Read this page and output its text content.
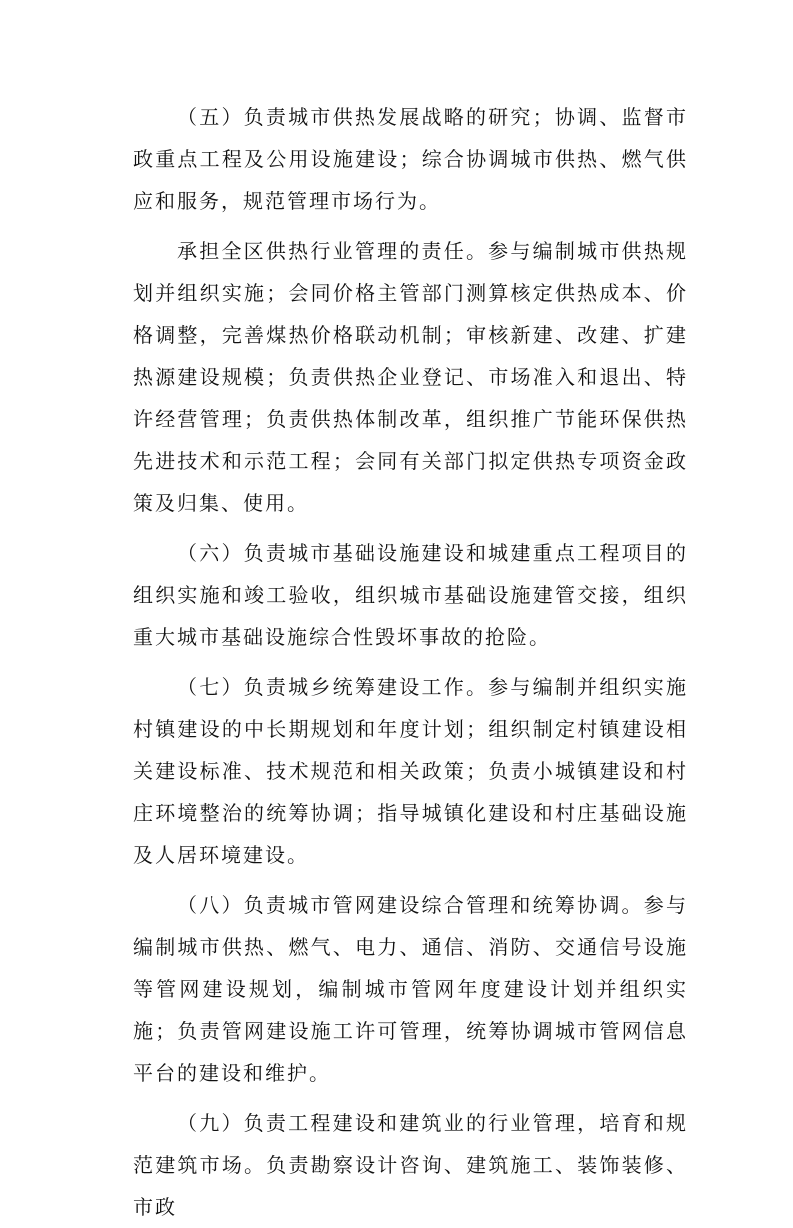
（五）负责城市供热发展战略的研究；协调、监督市政重点工程及公用设施建设；综合协调城市供热、燃气供应和服务，规范管理市场行为。

承担全区供热行业管理的责任。参与编制城市供热规划并组织实施；会同价格主管部门测算核定供热成本、价格调整，完善煤热价格联动机制；审核新建、改建、扩建热源建设规模；负责供热企业登记、市场准入和退出、特许经营管理；负责供热体制改革，组织推广节能环保供热先进技术和示范工程；会同有关部门拟定供热专项资金政策及归集、使用。

（六）负责城市基础设施建设和城建重点工程项目的组织实施和竣工验收，组织城市基础设施建管交接，组织重大城市基础设施综合性毁坏事故的抢险。

（七）负责城乡统筹建设工作。参与编制并组织实施村镇建设的中长期规划和年度计划；组织制定村镇建设相关建设标准、技术规范和相关政策；负责小城镇建设和村庄环境整治的统筹协调；指导城镇化建设和村庄基础设施及人居环境建设。

（八）负责城市管网建设综合管理和统筹协调。参与编制城市供热、燃气、电力、通信、消防、交通信号设施等管网建设规划，编制城市管网年度建设计划并组织实施；负责管网建设施工许可管理，统筹协调城市管网信息平台的建设和维护。

（九）负责工程建设和建筑业的行业管理，培育和规范建筑市场。负责勘察设计咨询、建筑施工、装饰装修、市政
